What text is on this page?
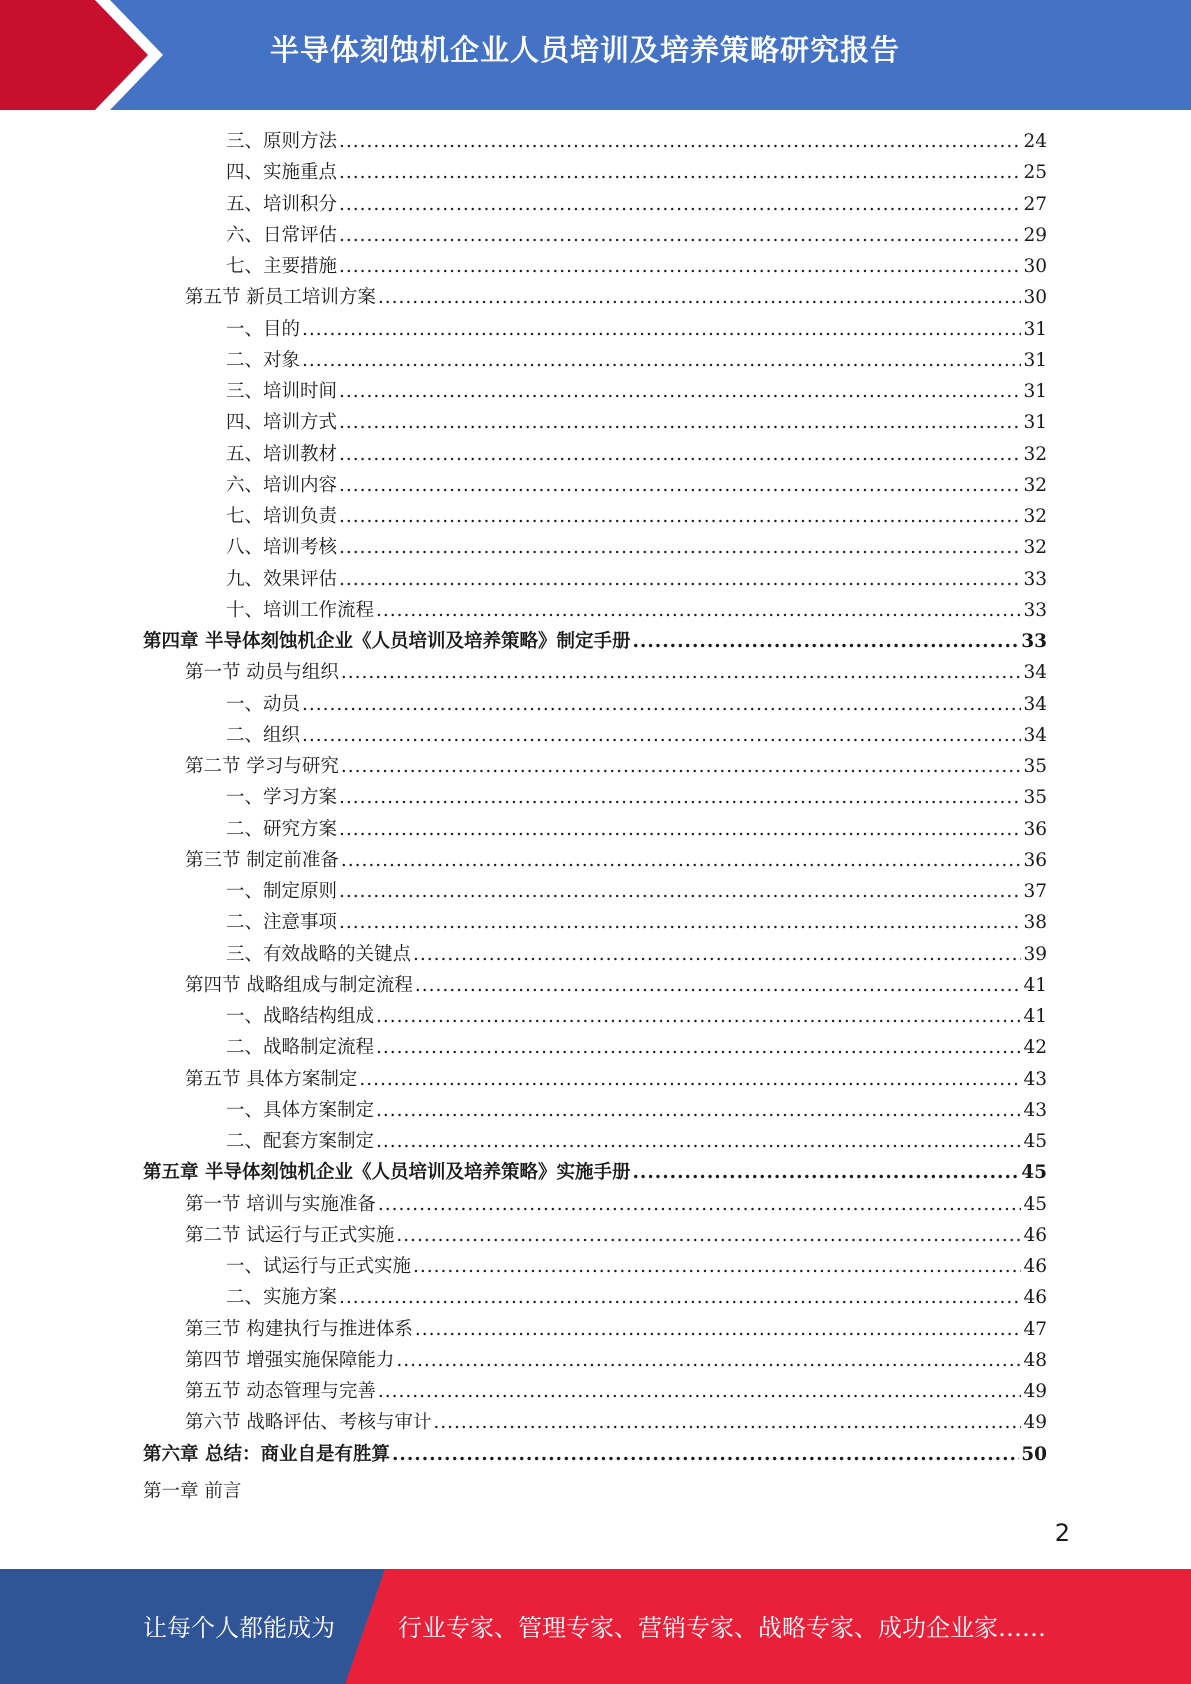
半导体刻蚀机企业人员培训及培养策略研究报告
三、原则方法 .....	24
四、实施重点 .....	25
五、培训积分 .....	27
六、日常评估 .....	29
七、主要措施 .....	30
第五节 新员工培训方案 .....	30
一、目的 .....	31
二、对象 .....	31
三、培训时间 .....	31
四、培训方式 .....	31
五、培训教材 .....	32
六、培训内容 .....	32
七、培训负责 .....	32
八、培训考核 .....	32
九、效果评估 .....	33
十、培训工作流程 .....	33
第四章 半导体刻蚀机企业《人员培训及培养策略》制定手册 .....	33
第一节 动员与组织 .....	34
一、动员 .....	34
二、组织 .....	34
第二节 学习与研究 .....	35
一、学习方案 .....	35
二、研究方案 .....	36
第三节 制定前准备 .....	36
一、制定原则 .....	37
二、注意事项 .....	38
三、有效战略的关键点 .....	39
第四节 战略组成与制定流程 .....	41
一、战略结构组成 .....	41
二、战略制定流程 .....	42
第五节 具体方案制定 .....	43
一、具体方案制定 .....	43
二、配套方案制定 .....	45
第五章 半导体刻蚀机企业《人员培训及培养策略》实施手册 .....	45
第一节 培训与实施准备 .....	45
第二节 试运行与正式实施 .....	46
一、试运行与正式实施 .....	46
二、实施方案 .....	46
第三节 构建执行与推进体系 .....	47
第四节 增强实施保障能力 .....	48
第五节 动态管理与完善 .....	49
第六节 战略评估、考核与审计 .....	49
第六章 总结：商业自是有胜算 .....	50
第一章 前言
2
让每个人都能成为	行业专家、管理专家、营销专家、战略专家、成功企业家……
